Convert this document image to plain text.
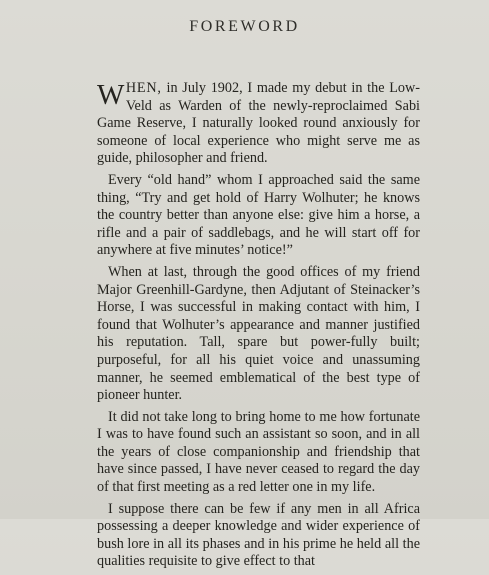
FOREWORD

WHEN, in July 1902, I made my debut in the Low-Veld as Warden of the newly-reproclaimed Sabi Game Reserve, I naturally looked round anxiously for someone of local experience who might serve me as guide, philosopher and friend.

Every “old hand” whom I approached said the same thing, “Try and get hold of Harry Wolhuter; he knows the country better than anyone else: give him a horse, a rifle and a pair of saddlebags, and he will start off for anywhere at five minutes’ notice!”

When at last, through the good offices of my friend Major Greenhill-Gardyne, then Adjutant of Steinacker’s Horse, I was successful in making contact with him, I found that Wolhuter’s appearance and manner justified his reputation. Tall, spare but power-fully built; purposeful, for all his quiet voice and unassuming manner, he seemed emblematical of the best type of pioneer hunter.

It did not take long to bring home to me how fortunate I was to have found such an assistant so soon, and in all the years of close companionship and friendship that have since passed, I have never ceased to regard the day of that first meeting as a red letter one in my life.

I suppose there can be few if any men in all Africa possessing a deeper knowledge and wider experience of bush lore in all its phases and in his prime he held all the qualities requisite to give effect to that
